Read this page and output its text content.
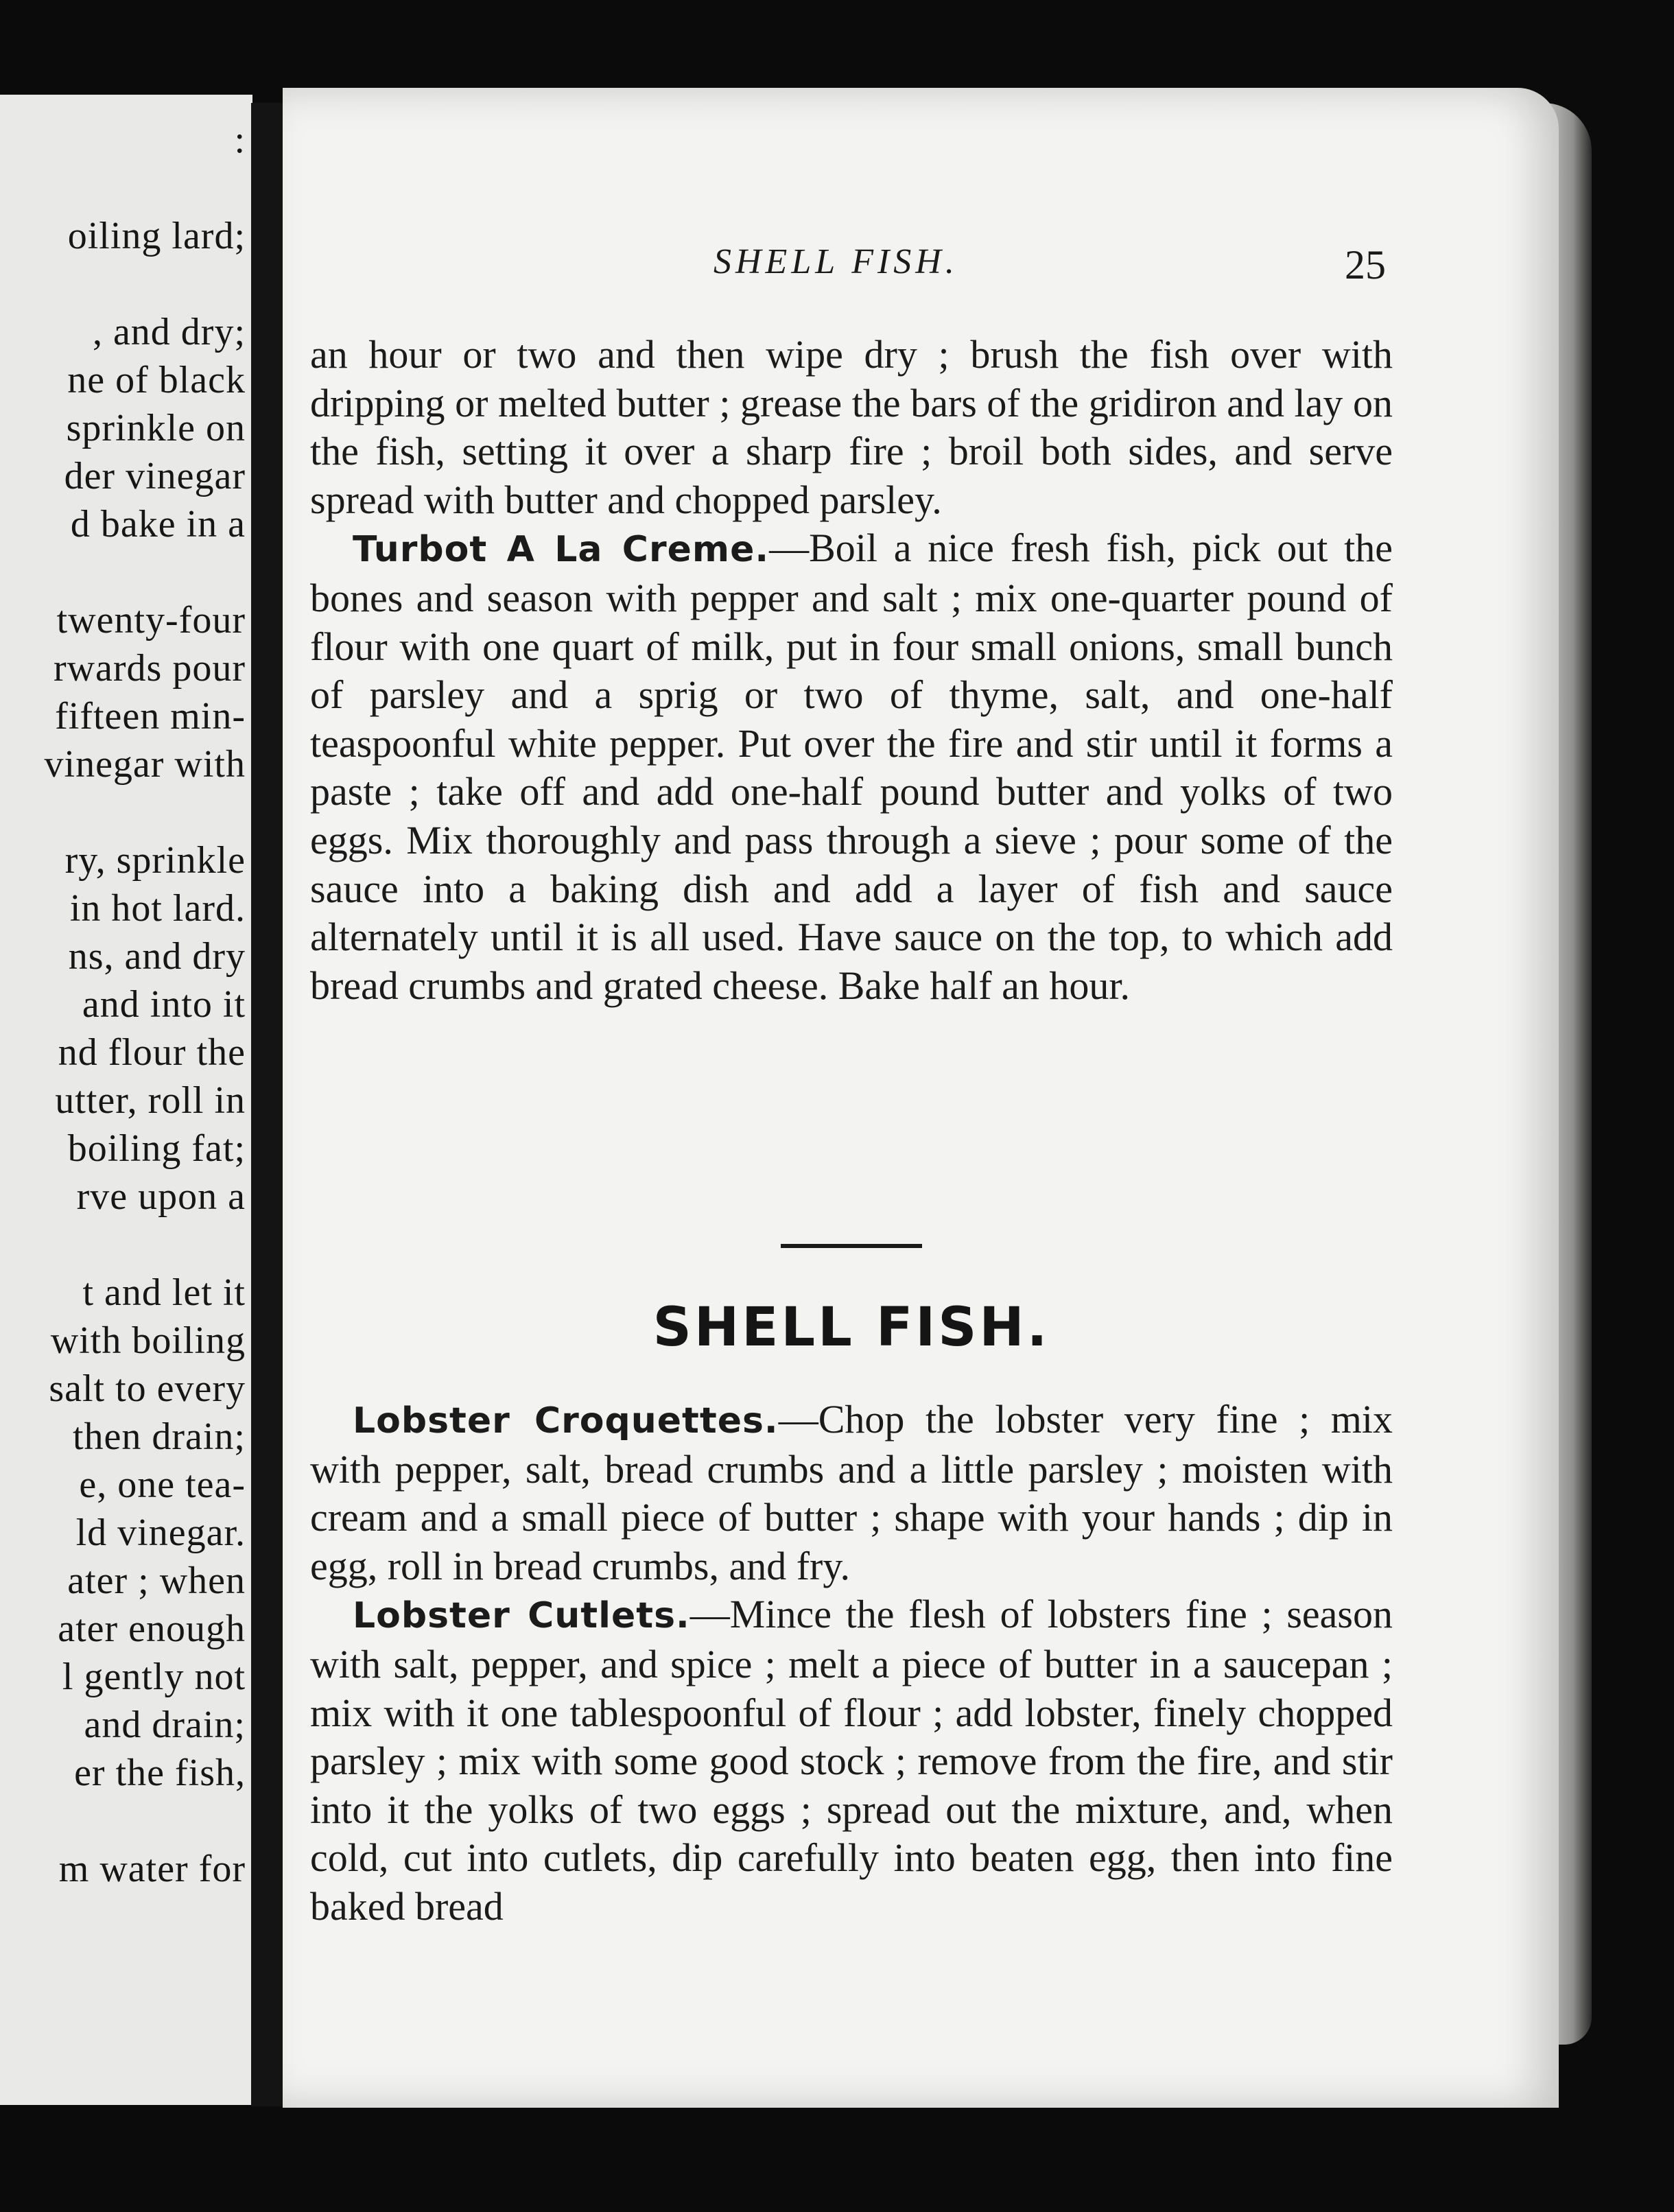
:
oiling lard;
, and dry;
ne of black
sprinkle on
der vinegar
d bake in a
twenty-four
rwards pour
fifteen min-
vinegar with
ry, sprinkle
in hot lard.
ns, and dry
and into it
nd flour the
utter, roll in
boiling fat;
rve upon a
t and let it
with boiling
salt to every
then drain;
e, one tea-
ld vinegar.
ater ; when
ater enough
l gently not
and drain;
er the fish,
m water for
SHELL FISH.	25

an hour or two and then wipe dry ; brush the fish over with dripping or melted butter ; grease the bars of the gridiron and lay on the fish, setting it over a sharp fire ; broil both sides, and serve spread with butter and chopped parsley.

Turbot A La Creme.—Boil a nice fresh fish, pick out the bones and season with pepper and salt ; mix one-quarter pound of flour with one quart of milk, put in four small onions, small bunch of parsley and a sprig or two of thyme, salt, and one-half teaspoonful white pepper. Put over the fire and stir until it forms a paste ; take off and add one-half pound butter and yolks of two eggs. Mix thoroughly and pass through a sieve ; pour some of the sauce into a baking dish and add a layer of fish and sauce alternately until it is all used. Have sauce on the top, to which add bread crumbs and grated cheese. Bake half an hour.

SHELL FISH.

Lobster Croquettes.—Chop the lobster very fine ; mix with pepper, salt, bread crumbs and a little parsley ; moisten with cream and a small piece of butter ; shape with your hands ; dip in egg, roll in bread crumbs, and fry.

Lobster Cutlets.—Mince the flesh of lobsters fine ; season with salt, pepper, and spice ; melt a piece of butter in a saucepan ; mix with it one tablespoonful of flour ; add lobster, finely chopped parsley ; mix with some good stock ; remove from the fire, and stir into it the yolks of two eggs ; spread out the mixture, and, when cold, cut into cutlets, dip carefully into beaten egg, then into fine baked bread
